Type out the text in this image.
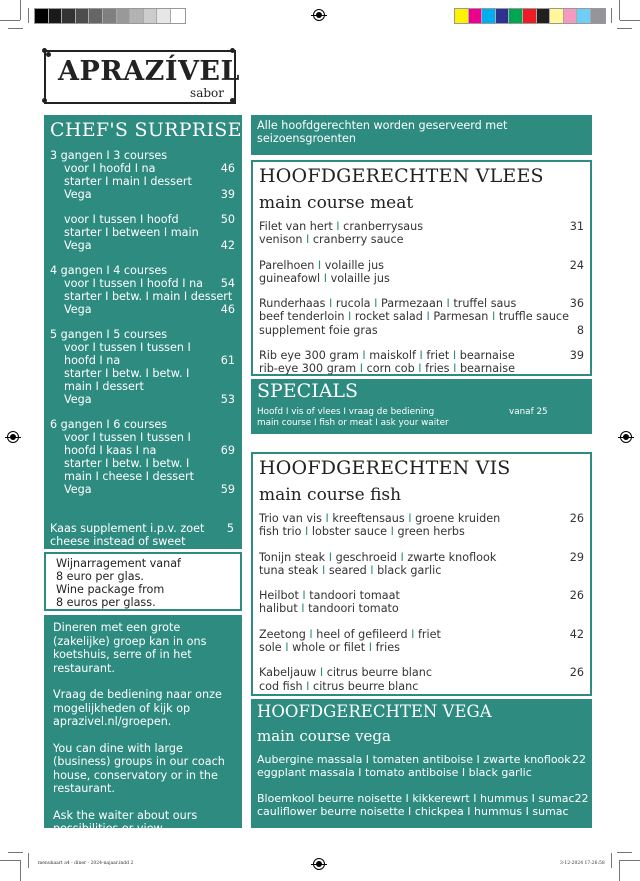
APRAZÍVEL
sabor
CHEF'S SURPRISE
3 gangen I 3 courses
voor I hoofd I na	46
starter I main I dessert
Vega	39
voor I tussen I hoofd	50
starter I between I main
Vega	42
4 gangen I 4 courses
voor I tussen I hoofd I na 54
starter I betw. I main I dessert
Vega	46
5 gangen I 5 courses
voor I tussen I tussen I
hoofd I na	61
starter I betw. I betw. I
main I dessert
Vega	53
6 gangen I 6 courses
voor I tussen I tussen I
hoofd I kaas I na	69
starter I betw. I betw. I
main I cheese I dessert
Vega	59
Kaas supplement i.p.v. zoet 5
cheese instead of sweet
Wijnarragement vanaf
8 euro per glas.
Wine package from
8 euros per glass.

Dineren met een grote (zakelijke) groep kan in ons koetshuis, serre of in het restaurant.

Vraag de bediening naar onze mogelijkheden of kijk op aprazivel.nl/groepen.

You can dine with large (business) groups in our coach house, conservatory or in the restaurant.

Ask the waiter about ours possibilities or view aprazivel.nl/groepen.

Alle hoofdgerechten worden geserveerd met seizoensgroenten
HOOFDGERECHTEN VLEES
main course meat
Filet van hert I cranberrysaus	31
venison I cranberry sauce
Parelhoen I volaille jus	24
guineafowl I volaille jus
Runderhaas I rucola I Parmezaan I truffel saus	36
beef tenderloin I rocket salad I Parmesan I truffle sauce
supplement foie gras	8
Rib eye 300 gram I maiskolf I friet I bearnaise	39
rib-eye 300 gram I corn cob I fries I bearnaise
SPECIALS
Hoofd I vis of vlees I vraag de bediening	vanaf 25
main course I fish or meat I ask your waiter
HOOFDGERECHTEN VIS
main course fish
Trio van vis I kreeftensaus I groene kruiden	26
fish trio I lobster sauce I green herbs
Tonijn steak I geschroeid I zwarte knoflook	29
tuna steak I seared I black garlic
Heilbot I tandoori tomaat	26
halibut I tandoori tomato
Zeetong I heel of gefileerd I friet	42
sole I whole or filet I fries
Kabeljauw I citrus beurre blanc	26
cod fish I citrus beurre blanc
HOOFDGERECHTEN VEGA
main course vega
Aubergine massala I tomaten antiboise I zwarte knoflook 22
eggplant massala I tomato antiboise I black garlic
Bloemkool beurre noisette I kikkerewrt I hummus I sumac 22
cauliflower beurre noisette I chickpea I hummus I sumac
menukaart a4 - diner - 2024-najaar.indd 2	3-12-2024 17:26:58
